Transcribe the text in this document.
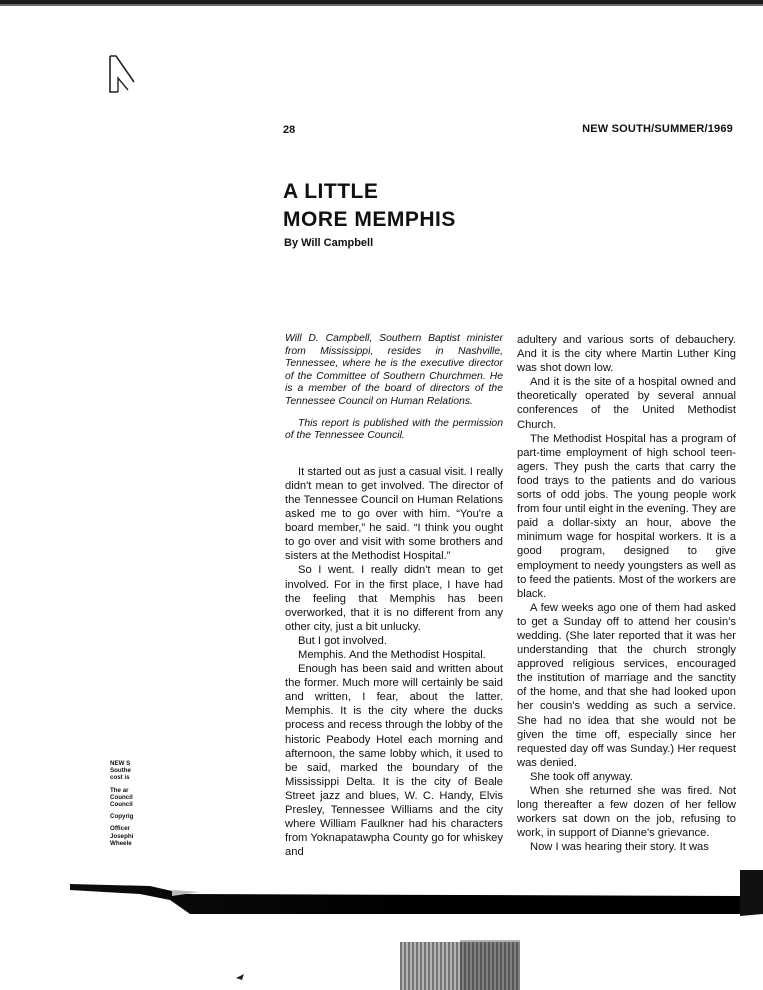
28	NEW SOUTH/SUMMER/1969
A LITTLE
MORE MEMPHIS
By Will Campbell

Will D. Campbell, Southern Baptist minister from Mississippi, resides in Nashville, Tennessee, where he is the executive director of the Committee of Southern Churchmen. He is a member of the board of directors of the Tennessee Council on Human Relations.

This report is published with the permission of the Tennessee Council.

It started out as just a casual visit. I really didn't mean to get involved. The director of the Tennessee Council on Human Relations asked me to go over with him. “You're a board member,” he said. “I think you ought to go over and visit with some brothers and sisters at the Methodist Hospital.”

So I went. I really didn't mean to get involved. For in the first place, I have had the feeling that Memphis has been overworked, that it is no different from any other city, just a bit unlucky.

But I got involved.

Memphis. And the Methodist Hospital.

Enough has been said and written about the former. Much more will certainly be said and written, I fear, about the latter. Memphis. It is the city where the ducks process and recess through the lobby of the historic Peabody Hotel each morning and afternoon, the same lobby which, it used to be said, marked the boundary of the Mississippi Delta. It is the city of Beale Street jazz and blues, W. C. Handy, Elvis Presley, Tennessee Williams and the city where William Faulkner had his characters from Yoknapatawpha County go for whiskey and

adultery and various sorts of debauchery. And it is the city where Martin Luther King was shot down low.

And it is the site of a hospital owned and theoretically operated by several annual conferences of the United Methodist Church.

The Methodist Hospital has a program of part-time employment of high school teen-agers. They push the carts that carry the food trays to the patients and do various sorts of odd jobs. The young people work from four until eight in the evening. They are paid a dollar-sixty an hour, above the minimum wage for hospital workers. It is a good program, designed to give employment to needy youngsters as well as to feed the patients. Most of the workers are black.

A few weeks ago one of them had asked to get a Sunday off to attend her cousin's wedding. (She later reported that it was her understanding that the church strongly approved religious services, encouraged the institution of marriage and the sanctity of the home, and that she had looked upon her cousin's wedding as such a service. She had no idea that she would not be given the time off, especially since her requested day off was Sunday.) Her request was denied.

She took off anyway.

When she returned she was fired. Not long thereafter a few dozen of her fellow workers sat down on the job, refusing to work, in support of Dianne's grievance.

Now I was hearing their story. It was

NEW S
Southe
cost is
The ar
Council
Council
Copyrig
Officer
Josephi
Wheele
